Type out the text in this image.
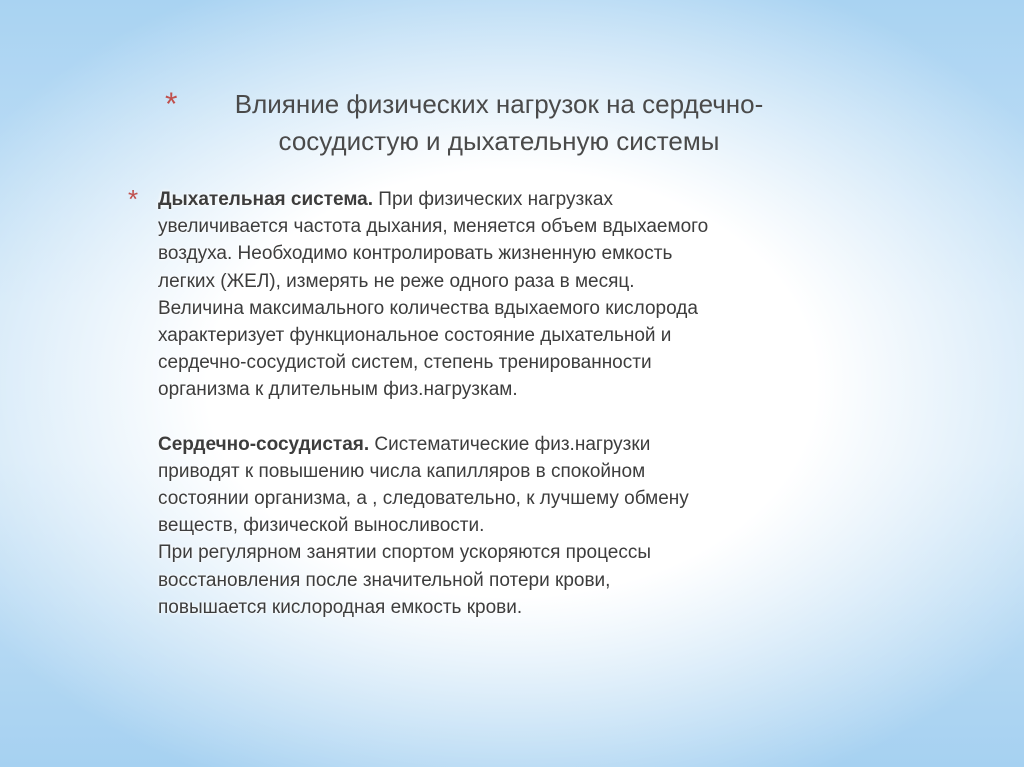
*	Влияние физических нагрузок на сердечно-
сосудистую и дыхательную системы
* Дыхательная система. При физических нагрузках
увеличивается частота дыхания, меняется объем вдыхаемого
воздуха. Необходимо контролировать жизненную емкость
легких (ЖЕЛ), измерять не реже одного раза в месяц.
Величина максимального количества вдыхаемого кислорода
характеризует функциональное состояние дыхательной и
сердечно-сосудистой систем, степень тренированности
организма к длительным физ.нагрузкам.

Сердечно-сосудистая. Систематические физ.нагрузки
приводят к повышению числа капилляров в спокойном
состоянии организма, а , следовательно, к лучшему обмену
веществ, физической выносливости.

При регулярном занятии спортом ускоряются процессы
восстановления после значительной потери крови,
повышается кислородная емкость крови.
